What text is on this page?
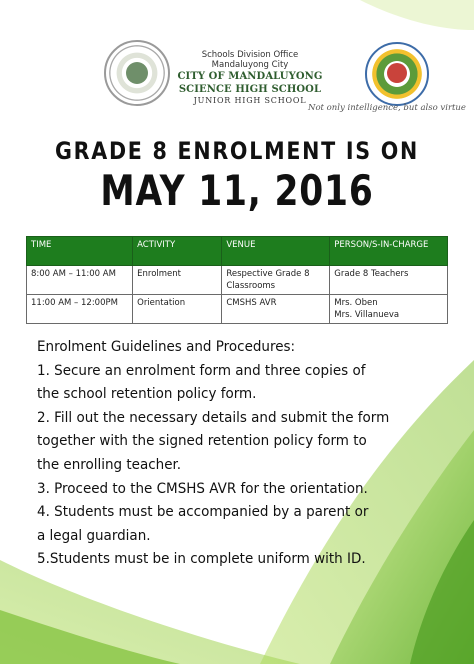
Schools Division Office
Mandaluyong City
CITY OF MANDALUYONG SCIENCE HIGH SCHOOL
JUNIOR HIGH SCHOOL
Not only intelligence, but also virtue
GRADE 8 ENROLMENT IS ON
MAY 11, 2016
TIME	ACTIVITY	VENUE	PERSON/S-IN-CHARGE
8:00 AM – 11:00 AM	Enrolment	Respective Grade 8 Classrooms	Grade 8 Teachers

11:00 AM – 12:00PM	Orientation	CMSHS AVR	Mrs. Oben
Mrs. Villanueva
Enrolment Guidelines and Procedures:
1. Secure an enrolment form and three copies of
the school retention policy form.
2. Fill out the necessary details and submit the form
together with the signed retention policy form to
the enrolling teacher.
3. Proceed to the CMSHS AVR for the orientation.
4. Students must be accompanied by a parent or
a legal guardian.
5.Students must be in complete uniform with ID.
